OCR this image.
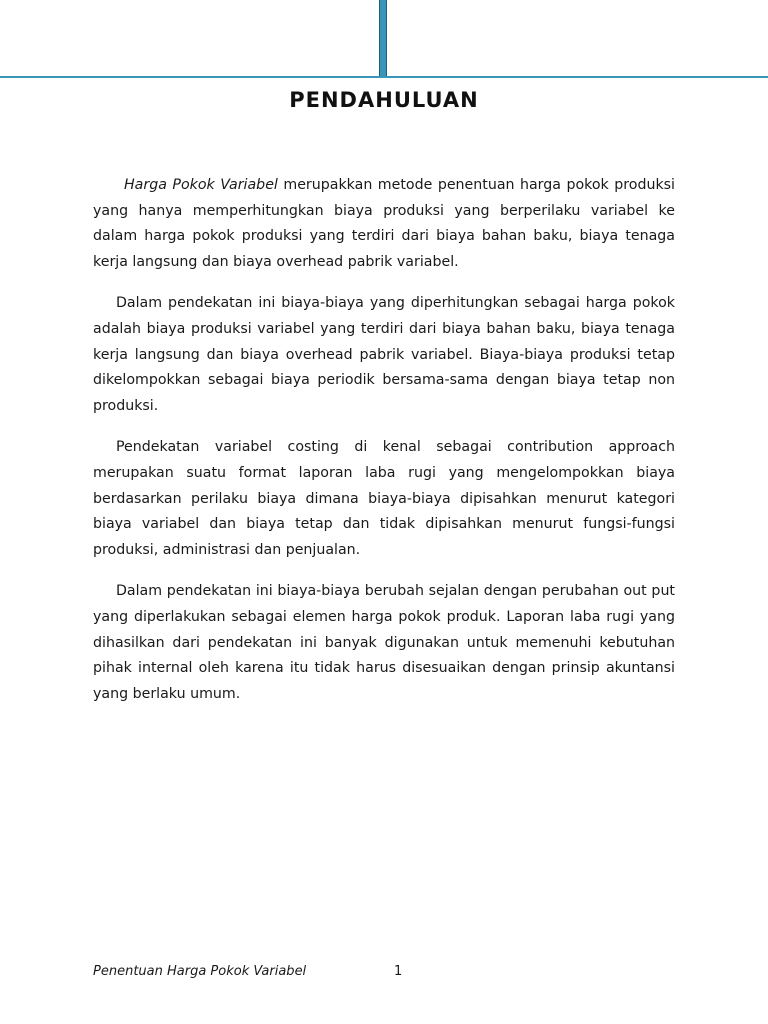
PENDAHULUAN

Harga Pokok Variabel merupakkan metode penentuan harga pokok produksi yang hanya memperhitungkan biaya produksi yang berperilaku variabel ke dalam harga pokok produksi yang terdiri dari biaya bahan baku, biaya tenaga kerja langsung dan biaya overhead pabrik variabel.

Dalam pendekatan ini biaya-biaya yang diperhitungkan sebagai harga pokok adalah biaya produksi variabel yang terdiri dari biaya bahan baku, biaya tenaga kerja langsung dan biaya overhead pabrik variabel. Biaya-biaya produksi tetap dikelompokkan sebagai biaya periodik bersama-sama dengan biaya tetap non produksi.

Pendekatan variabel costing di kenal sebagai contribution approach merupakan suatu format laporan laba rugi yang mengelompokkan biaya berdasarkan perilaku biaya dimana biaya-biaya dipisahkan menurut kategori biaya variabel dan biaya tetap dan tidak dipisahkan menurut fungsi-fungsi produksi, administrasi dan penjualan.

Dalam pendekatan ini biaya-biaya berubah sejalan dengan perubahan out put yang diperlakukan sebagai elemen harga pokok produk. Laporan laba rugi yang dihasilkan dari pendekatan ini banyak digunakan untuk memenuhi kebutuhan pihak internal oleh karena itu tidak harus disesuaikan dengan prinsip akuntansi yang berlaku umum.

Penentuan Harga Pokok Variabel	1
